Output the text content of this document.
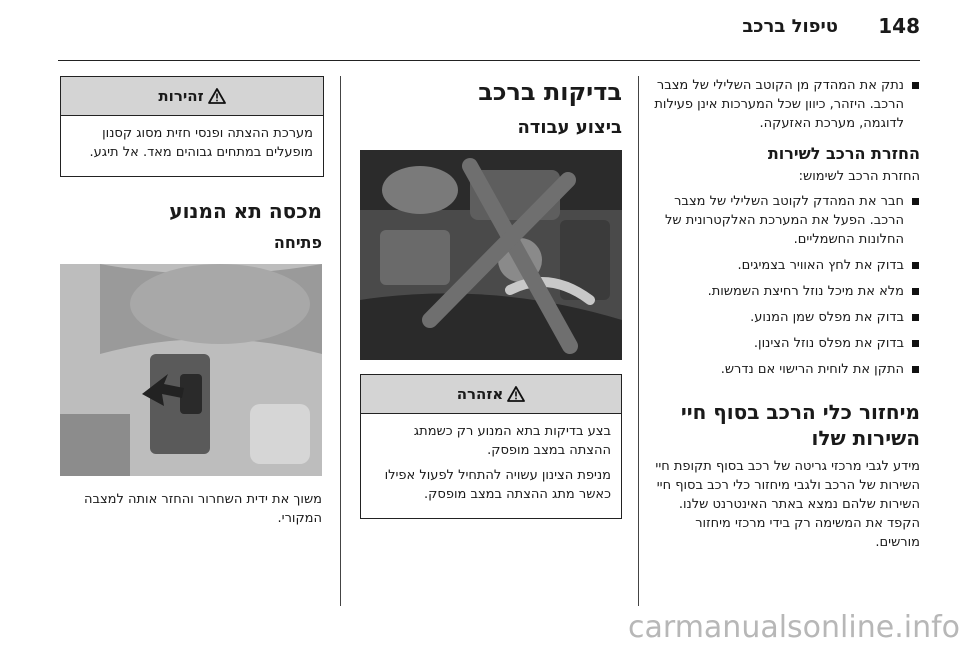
148
טיפול ברכב
נתק את המהדק מן הקוטב השלילי של מצבר הרכב. היזהר, כיוון שכל המערכות אינן פעילות לדוגמה, מערכת האזעקה.
החזרת הרכב לשירות
החזרת הרכב לשימוש:
חבר את המהדק לקוטב השלילי של מצבר הרכב. הפעל את המערכת האלקטרונית של החלונות החשמליים.
בדוק את לחץ האוויר בצמיגים.
מלא את מיכל נוזל רחיצת השמשות.
בדוק את מפלס שמן המנוע.
בדוק את מפלס נוזל הצינון.
התקן את לוחית הרישוי אם נדרש.
מיחזור כלי הרכב בסוף חיי השירות שלו
מידע לגבי מרכזי גריטה של רכב בסוף תקופת חיי השירות של הרכב ולגבי מיחזור כלי רכב בסוף חיי השירות שלהם נמצא באתר האינטרנט שלנו. הקפד את המשימה רק בידי מרכזי מיחזור מורשים.
בדיקות ברכב
ביצוע עבודה
אזהרה

בצע בדיקות בתא המנוע רק כשמתג ההצתה במצב מופסק.

מניפת הצינון עשויה להתחיל לפעול אפילו כאשר מתג ההצתה במצב מופסק.

זהירות

מערכת ההצתה ופנסי חזית מסוג קסנון מופעלים במתחים גבוהים מאד. אל תיגע.

מכסה תא המנוע
פתיחה
משוך את ידית השחרור והחזר אותה למצבה המקורי.
carmanualsonline.info
